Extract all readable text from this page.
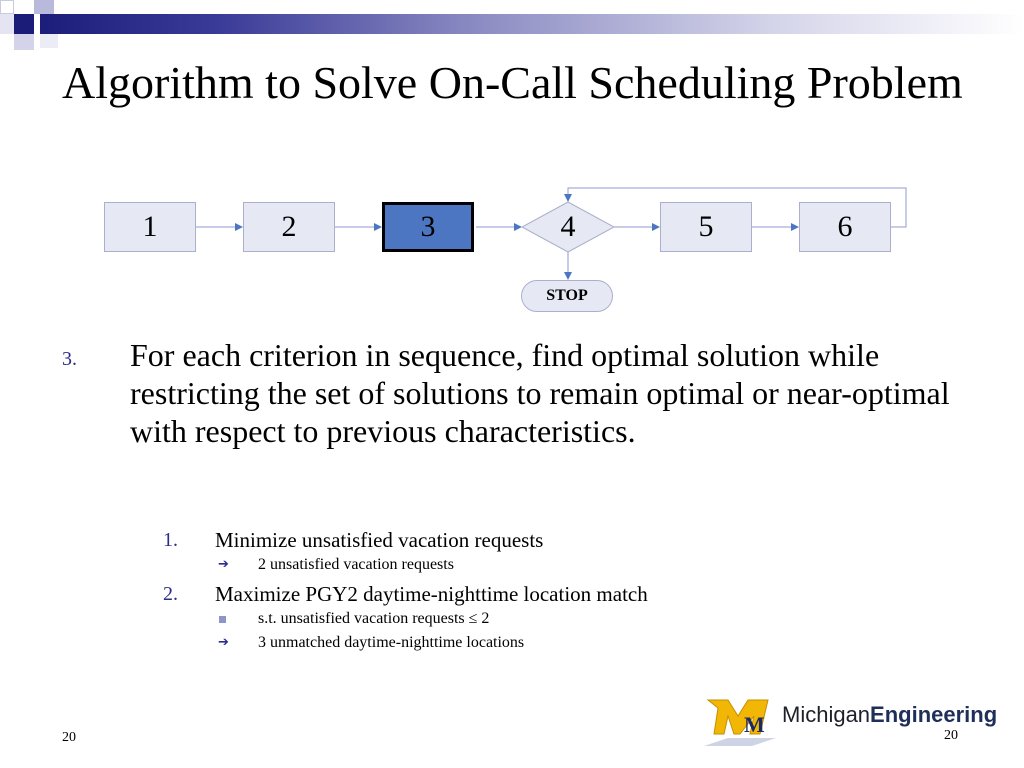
Algorithm to Solve On-Call Scheduling Problem
1	2	3	4	5	6
STOP
3. For each criterion in sequence, find optimal solution while restricting the set of solutions to remain optimal or near-optimal with respect to previous characteristics.

1. Minimize unsatisfied vacation requests
➔ 2 unsatisfied vacation requests
2. Maximize PGY2 daytime-nighttime location match
s.t. unsatisfied vacation requests ≤ 2
➔ 3 unmatched daytime-nighttime locations
20
M MichiganEngineering
20
